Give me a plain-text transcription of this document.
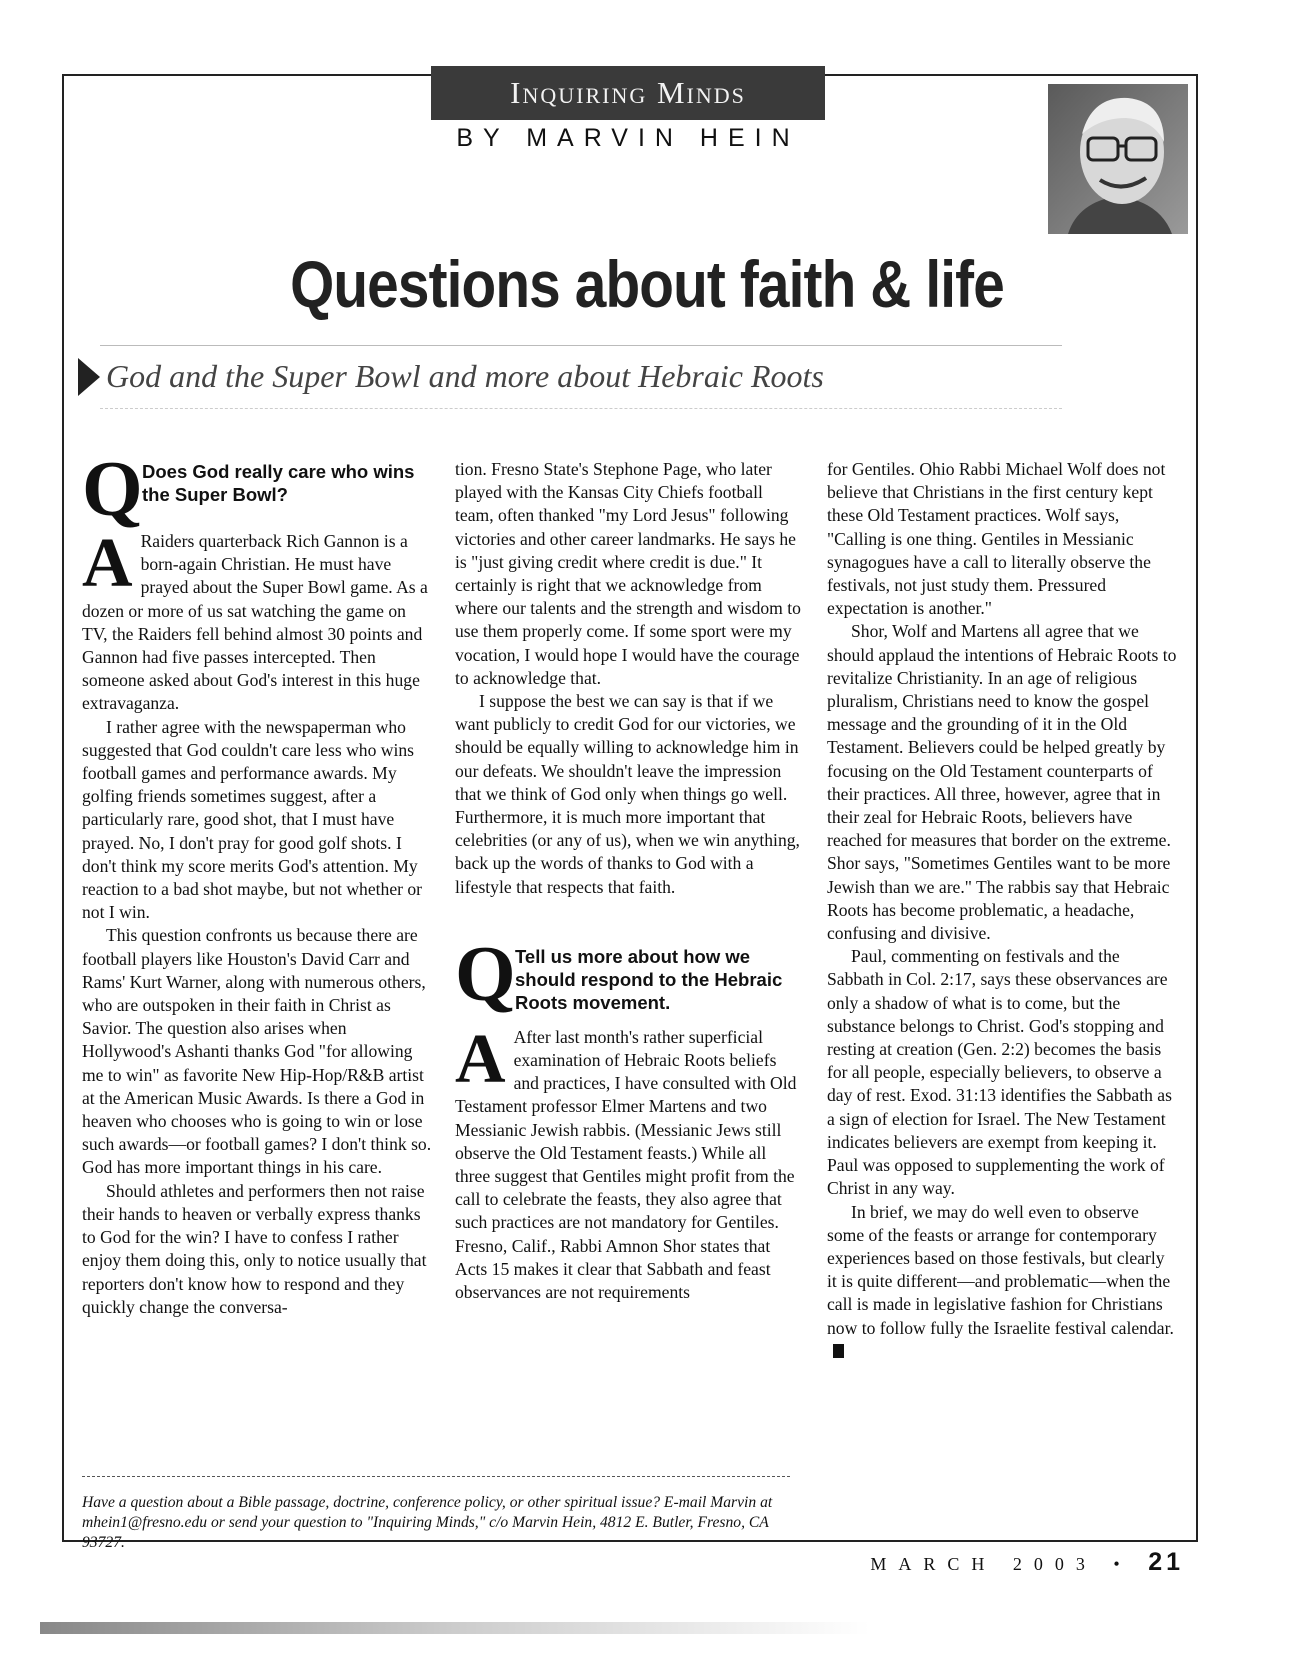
Inquiring Minds
BY MARVIN HEIN
Questions about faith & life
God and the Super Bowl and more about Hebraic Roots
Q Does God really care who wins the Super Bowl?

A Raiders quarterback Rich Gannon is a born-again Christian. He must have prayed about the Super Bowl game. As a dozen or more of us sat watching the game on TV, the Raiders fell behind almost 30 points and Gannon had five passes intercepted. Then someone asked about God's interest in this huge extravaganza.

I rather agree with the newspaperman who suggested that God couldn't care less who wins football games and performance awards. My golfing friends sometimes suggest, after a particularly rare, good shot, that I must have prayed. No, I don't pray for good golf shots. I don't think my score merits God's attention. My reaction to a bad shot maybe, but not whether or not I win.

This question confronts us because there are football players like Houston's David Carr and Rams' Kurt Warner, along with numerous others, who are outspoken in their faith in Christ as Savior. The question also arises when Hollywood's Ashanti thanks God "for allowing me to win" as favorite New Hip-Hop/R&B artist at the American Music Awards. Is there a God in heaven who chooses who is going to win or lose such awards—or football games? I don't think so. God has more important things in his care.

Should athletes and performers then not raise their hands to heaven or verbally express thanks to God for the win? I have to confess I rather enjoy them doing this, only to notice usually that reporters don't know how to respond and they quickly change the conversa-

tion. Fresno State's Stephone Page, who later played with the Kansas City Chiefs football team, often thanked "my Lord Jesus" following victories and other career landmarks. He says he is "just giving credit where credit is due." It certainly is right that we acknowledge from where our talents and the strength and wisdom to use them properly come. If some sport were my vocation, I would hope I would have the courage to acknowledge that.

I suppose the best we can say is that if we want publicly to credit God for our victories, we should be equally willing to acknowledge him in our defeats. We shouldn't leave the impression that we think of God only when things go well. Furthermore, it is much more important that celebrities (or any of us), when we win anything, back up the words of thanks to God with a lifestyle that respects that faith.

Q Tell us more about how we should respond to the Hebraic Roots movement.

A After last month's rather superficial examination of Hebraic Roots beliefs and practices, I have consulted with Old Testament professor Elmer Martens and two Messianic Jewish rabbis. (Messianic Jews still observe the Old Testament feasts.) While all three suggest that Gentiles might profit from the call to celebrate the feasts, they also agree that such practices are not mandatory for Gentiles. Fresno, Calif., Rabbi Amnon Shor states that Acts 15 makes it clear that Sabbath and feast observances are not requirements

for Gentiles. Ohio Rabbi Michael Wolf does not believe that Christians in the first century kept these Old Testament practices. Wolf says, "Calling is one thing. Gentiles in Messianic synagogues have a call to literally observe the festivals, not just study them. Pressured expectation is another."

Shor, Wolf and Martens all agree that we should applaud the intentions of Hebraic Roots to revitalize Christianity. In an age of religious pluralism, Christians need to know the gospel message and the grounding of it in the Old Testament. Believers could be helped greatly by focusing on the Old Testament counterparts of their practices. All three, however, agree that in their zeal for Hebraic Roots, believers have reached for measures that border on the extreme. Shor says, "Sometimes Gentiles want to be more Jewish than we are." The rabbis say that Hebraic Roots has become problematic, a headache, confusing and divisive.

Paul, commenting on festivals and the Sabbath in Col. 2:17, says these observances are only a shadow of what is to come, but the substance belongs to Christ. God's stopping and resting at creation (Gen. 2:2) becomes the basis for all people, especially believers, to observe a day of rest. Exod. 31:13 identifies the Sabbath as a sign of election for Israel. The New Testament indicates believers are exempt from keeping it. Paul was opposed to supplementing the work of Christ in any way.

In brief, we may do well even to observe some of the feasts or arrange for contemporary experiences based on those festivals, but clearly it is quite different—and problematic—when the call is made in legislative fashion for Christians now to follow fully the Israelite festival calendar.

Have a question about a Bible passage, doctrine, conference policy, or other spiritual issue? E-mail Marvin at mhein1@fresno.edu or send your question to "Inquiring Minds," c/o Marvin Hein, 4812 E. Butler, Fresno, CA 93727.
MARCH 2003 • 21
